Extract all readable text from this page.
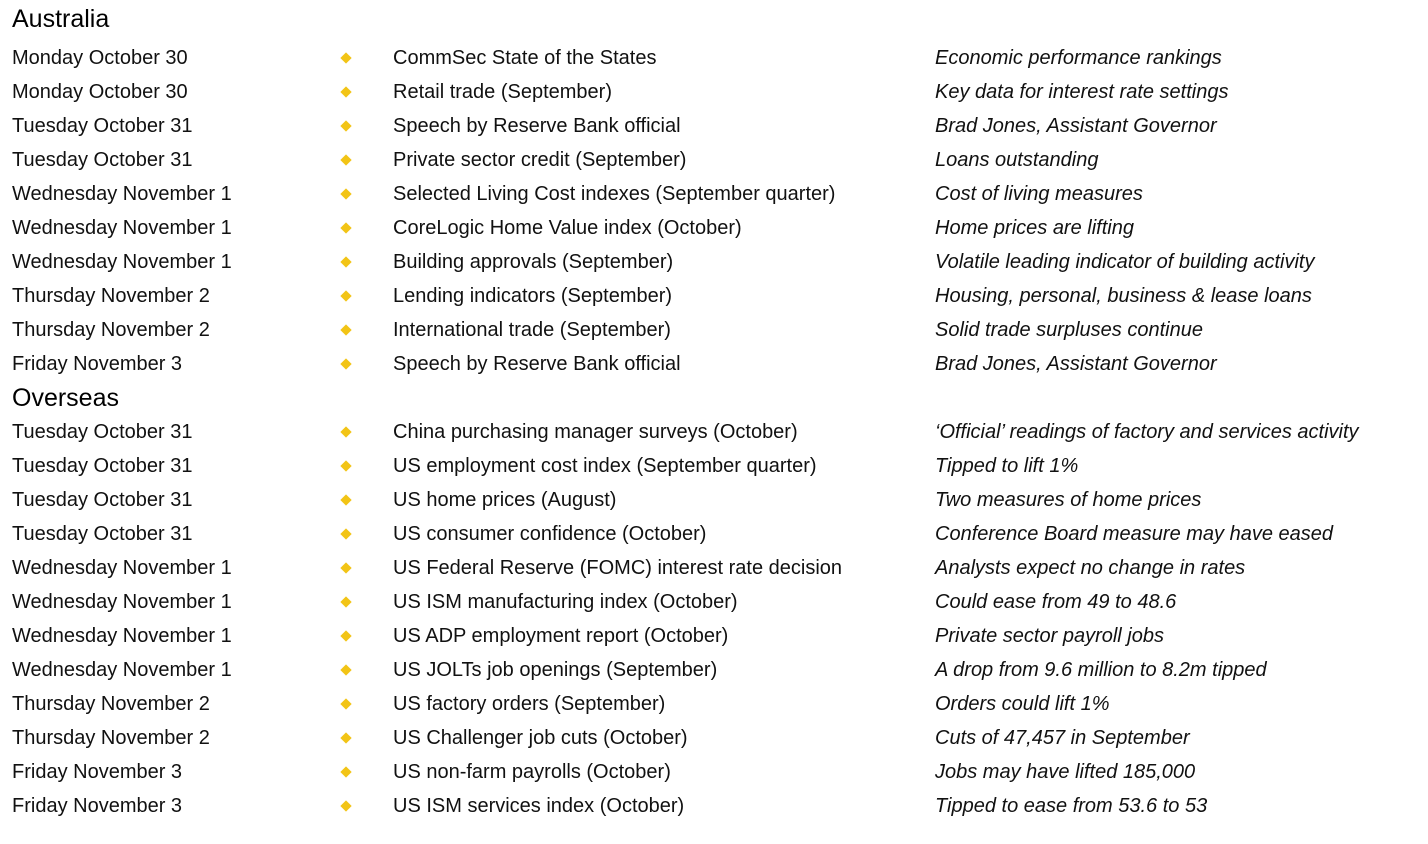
Australia
Monday October 30	CommSec State of the States	Economic performance rankings
Monday October 30	Retail trade (September)	Key data for interest rate settings
Tuesday October 31	Speech by Reserve Bank official	Brad Jones, Assistant Governor
Tuesday October 31	Private sector credit (September)	Loans outstanding
Wednesday November 1	Selected Living Cost indexes (September quarter)	Cost of living measures
Wednesday November 1	CoreLogic Home Value index (October)	Home prices are lifting
Wednesday November 1	Building approvals (September)	Volatile leading indicator of building activity
Thursday November 2	Lending indicators (September)	Housing, personal, business & lease loans
Thursday November 2	International trade (September)	Solid trade surpluses continue
Friday November 3	Speech by Reserve Bank official	Brad Jones, Assistant Governor
Overseas
Tuesday October 31	China purchasing manager surveys (October)	‘Official’ readings of factory and services activity
Tuesday October 31	US employment cost index (September quarter)	Tipped to lift 1%
Tuesday October 31	US home prices (August)	Two measures of home prices
Tuesday October 31	US consumer confidence (October)	Conference Board measure may have eased
Wednesday November 1	US Federal Reserve (FOMC) interest rate decision	Analysts expect no change in rates
Wednesday November 1	US ISM manufacturing index (October)	Could ease from 49 to 48.6
Wednesday November 1	US ADP employment report (October)	Private sector payroll jobs
Wednesday November 1	US JOLTs job openings (September)	A drop from 9.6 million to 8.2m tipped
Thursday November 2	US factory orders (September)	Orders could lift 1%
Thursday November 2	US Challenger job cuts (October)	Cuts of 47,457 in September
Friday November 3	US non-farm payrolls (October)	Jobs may have lifted 185,000
Friday November 3	US ISM services index (October)	Tipped to ease from 53.6 to 53
